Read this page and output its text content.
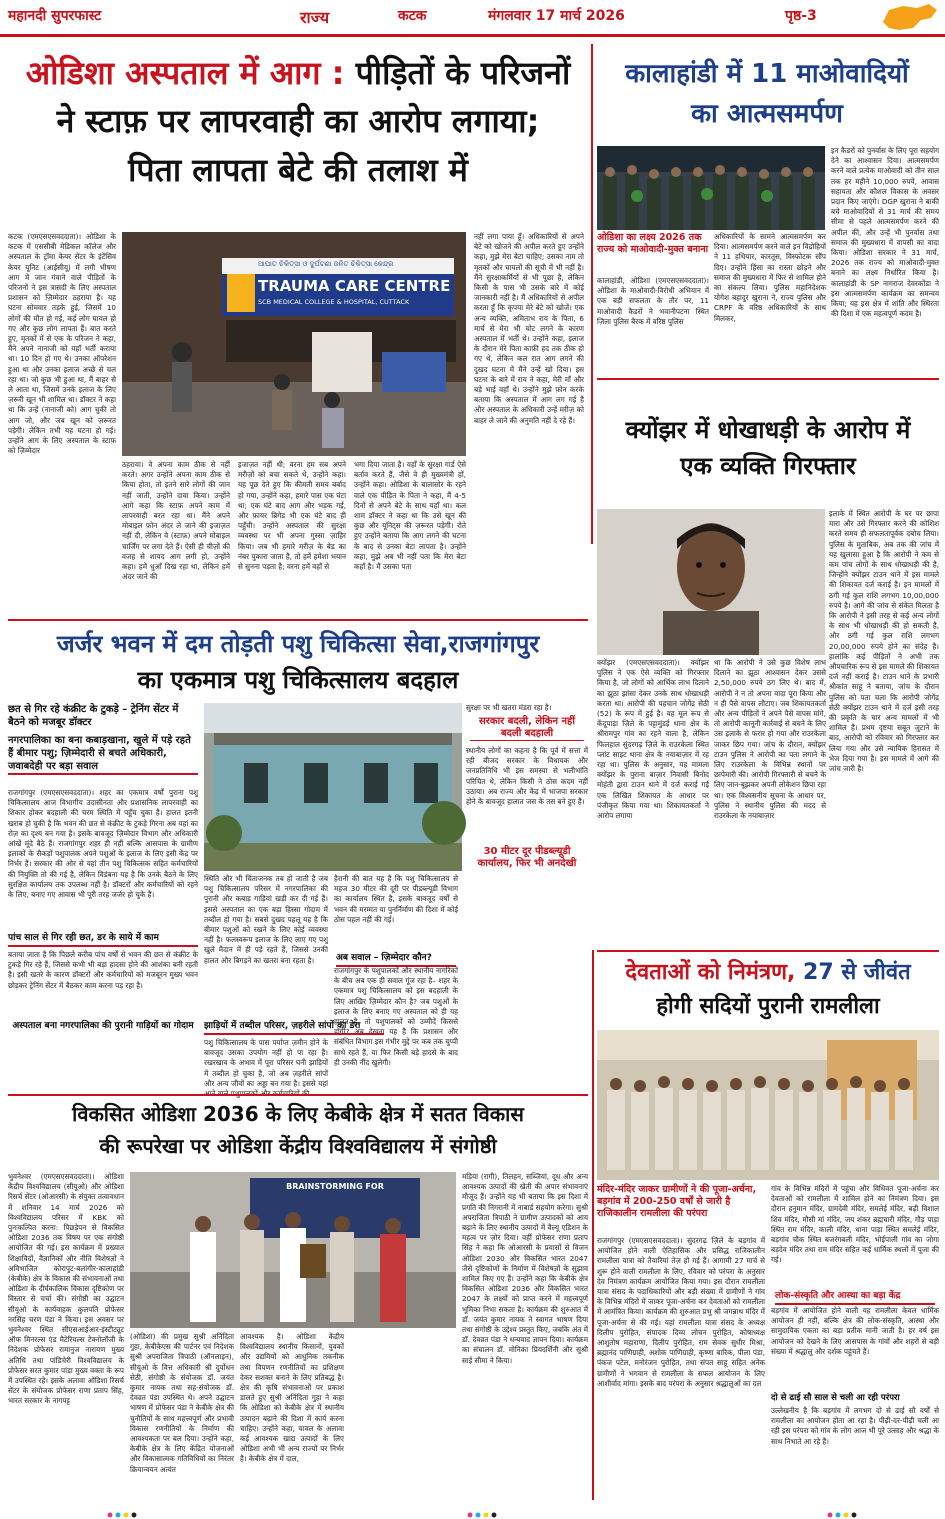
महानदी सुपरफास्ट	राज्य	कटक	मंगलवार 17 मार्च 2026	पृष्ठ-3
ओडिशा अस्पताल में आग : पीड़ितों के परिजनों
ने स्टाफ़ पर लापरवाही का आरोप लगाया;
पिता लापता बेटे की तलाश में
कटक (एमएसएसवददाता)। ओडिशा के कटक में एससीबी मेडिकल कॉलेज और अस्पताल के ट्रॉमा केयर सेंटर के इंटेंसिव केयर यूनिट (आईसीयू) में लगी भीषण आग में जान गंवाने वाले पीड़ितों के परिजनों ने इस त्रासदी के लिए अस्पताल प्रशासन को ज़िम्मेदार ठहराया है। यह घटना सोमवार तड़के हुई, जिसमें 10 लोगों की मौत हो गई, कई लोग घायल हो गए और कुछ लोग लापता हैं। बात करते हुए, मृतकों में से एक के परिजन ने कहा, मैंने अपने नानाजी को यहाँ भर्ती कराया था। 10 दिन हो गए थे। उनका ऑपरेशन हुआ था और उनका इलाज अच्छे से चल रहा था। जो कुछ भी हुआ था, मैं बाहर से ले आता था, जिसमें उनके इलाज के लिए ज़रूरी खून भी शामिल था। डॉक्टर ने कहा था कि उन्हें (नानाजी को) आग चुकी तो आग जो, और जब खून को ज़रूरत पड़ेगी। लेकिन तभी यह घटना हो गई। उन्होंने आग के लिए अस्पताल के स्टाफ़ को ज़िम्मेदार
ଆଘାତ ଚିକିତ୍ସା ଓ ଦୁର୍ଘଟଣା ଜନିତ ଚିକିତ୍ସା କେନ୍ଦ୍ର
TRAUMA CARE CENTRE
SCB MEDICAL COLLEGE & HOSPITAL, CUTTACK
ठहराया। वे अपना काम ठीक से नहीं करते। अगर उन्होंने अपना काम ठीक से किया होता, तो इतने सारे लोगों की जान नहीं जाती, उन्होंने दावा किया। उन्होंने आगे कहा कि स्टाफ़ अपने काम में लापरवाही बरत रहा था। मैंने अपने मोबाइल फ़ोन अंदर ले जाने की इजाज़त नहीं दी, लेकिन वे (स्टाफ़) अपने मोबाइल चार्जिंग पर लगा देते हैं। ऐसी ही चीज़ों की वजह से शायद आग लगी हो, उन्होंने कहा। हमें धुआँ दिख रहा था, लेकिन हमें अंदर जाने की
इजाज़त नहीं थी; वरना हम सब अपने मरीज़ों को बचा सकते थे, उन्होंने कहा। यह पूछ देते हुए कि कीमती समय बर्बाद हो गया, उन्होंने कहा, हमारे पास एक घंटा था; एक घंटे बाद आग और भड़क गई, और फ़ायर ब्रिगेड भी एक घंटे बाद ही पहुँची। उन्होंने अस्पताल की सुरक्षा व्यवस्था पर भी अपना गुस्सा ज़ाहिर किया। जब भी हमारे मरीज़ के बेड का नंबर पुकारा जाता है, तो हमें हमेशा भयान से सुनना पड़ता है; वरना हमें वहाँ से
भगा दिया जाता है। यहाँ के सुरक्षा गार्ड ऐसे बर्ताव करते हैं, जैसे वे ही मुख्यमंत्री हों, उन्होंने कहा। ओडिशा के बालासोर के रहने वाले एक पीड़ित के पिता ने कहा, मैं 4-5 दिनों से अपने बेटे के साथ यहाँ था। कल शाम डॉक्टर ने कहा था कि उसे खून की कुछ और यूनिट्स की ज़रूरत पड़ेगी। रोते हुए उन्होंने बताया कि आग लगने की घटना के बाद से उनका बेटा लापता है। उन्होंने कहा, मुझे अब भी नहीं पता कि मेरा बेटा कहाँ है। मैं उसका पता
नहीं लगा पाया हूँ। अधिकारियों से अपने बेटे को खोजने की अपील करते हुए उन्होंने कहा, मुझे मेरा बेटा चाहिए; उसका नाम तो मृतकों और घायलों की सूची में भी नहीं है। मैंने सुरक्षाकर्मियों से भी पूछा है, लेकिन किसी के पास भी उसके बारे में कोई जानकारी नहीं है। मैं अधिकारियों से अपील करता हूँ कि कृपया मेरे बेटे को खोजें। एक अन्य व्यक्ति, अमिताभ राय के पिता, 6 मार्च से मेरा भी चोट लगने के कारण अस्पताल में भर्ती थे। उन्होंने कहा, इलाज के दौरान मेरे पिता काफ़ी हद तक ठीक हो गए थे, लेकिन कल रात आग लगने की दुखद घटना में मैंने उन्हें खो दिया। इस घटना के बारे में राय ने कहा, मेरी माँ और बड़े भाई वहाँ थे। उन्होंने मुझे फ़ोन करके बताया कि अस्पताल में आग लग गई है और अस्पताल के अधिकारी उन्हें मरीज़ को बाहर ले जाने की अनुमति नहीं दे रहे हैं।
कालाहांडी में 11 माओवादियों
का आत्मसमर्पण
ओडिशा का लक्ष्य 2026 तक राज्य को माओवादी-मुक्त बनाना
कालाहांडी, ओडिशा (एमएसएसवददाता)। ओडिशा के माओवादी-विरोधी अभियान में एक बड़ी सफलता के तौर पर, 11 माओवादी कैडरों ने भवानीपटना स्थित ज़िला पुलिस बैरक में वरिष्ठ पुलिस
अधिकारियों के सामने आत्मसमर्पण कर दिया। आत्मसमर्पण करने वाले इन विद्रोहियों ने 11 हथियार, कारतूस, विस्फोटक सौंप दिए। उन्होंने हिंसा का रास्ता छोड़ने और समाज की मुख्यधारा में फिर से शामिल होने का संकल्प लिया। पुलिस महानिदेशक योगेश बहादुर खुराना ने, राज्य पुलिस और CRPF के वरिष्ठ अधिकारियों के साथ मिलकर,
इन कैडरों को पुनर्वास के लिए पूरा सहयोग देने का आश्वासन दिया। आत्मसमर्पण करने वाले प्रत्येक माओवादी को तीन साल तक हर महीने 10,000 रुपये, आवास सहायता और कौशल विकास के अवसर प्रदान किए जाएंगे। DGP खुराना ने बाकी बचे माओवादियों से 31 मार्च की समय सीमा से पहले आत्मसमर्पण करने की अपील की, और उन्हें भी पुनर्वास तथा समाज की मुख्यधारा में वापसी का वादा किया। ओडिशा सरकार ने 31 मार्च, 2026 तक राज्य को माओवादी-मुक्त बनाने का लक्ष्य निर्धारित किया है। कालाहांडी के SP नागराज देवरकोंडा ने इस आत्मसमर्पण कार्यक्रम का समन्वय किया; यह इस क्षेत्र में शांति और स्थिरता की दिशा में एक महत्वपूर्ण कदम है।
क्योंझर में धोखाधड़ी के आरोप में
एक व्यक्ति गिरफ्तार
इलाके में स्थित आरोपी के घर पर छापा मारा और उसे गिरफ्तार करने की कोशिश करते समय ही सफलतापूर्वक दबोच लिया। पुलिस के मुताबिक, अब तक की जांच में यह खुलासा हुआ है कि आरोपी ने कम से कम पांच लोगों के साथ धोखाधड़ी की है, जिन्होंने क्योंझर टाउन थाने में इस मामले की शिकायत दर्ज कराई है। इन मामलों में ठगी गई कुल राशि लगभग 10,00,000 रुपये है। आगे की जांच से संकेत मिलता है कि आरोपी ने इसी तरह से कई अन्य लोगों के साथ भी धोखाधड़ी की हो सकती है, और ठगी गई कुल राशि लगभग 20,00,000 रुपये होने का संदेह है। हालांकि कई पीड़ितों ने अभी तक औपचारिक रूप से इस मामले की शिकायत दर्ज नहीं कराई है। टाउन थाने के प्रभारी श्रीकांत साहू ने बताया, जांच के दौरान पुलिस को पता चला कि आरोपी जोगेंद्र सेठी क्योंझर टाउन थाने में दर्ज इसी तरह की प्रकृति के चार अन्य मामलों में भी शामिल है। प्रथम दृष्टया सबूत जुटाने के बाद, आरोपी को रविवार को गिरफ्तार कर लिया गया और उसे न्यायिक हिरासत में भेज दिया गया है। इस मामले में आगे की जांच जारी है।
क्योंझर (एमएसएसवददाता)। क्योंझर पुलिस ने एक ऐसे व्यक्ति को गिरफ्तार किया है, जो लोगों को आर्थिक लाभ दिलाने का झूठा झांसा देकर उनके साथ धोखाधड़ी करता था। आरोपी की पहचान जोगेंद्र सेठी (52) के रूप में हुई है। वह मूल रूप से केंदूपाड़ा ज़िले के पट्टामुंडई थाना क्षेत्र के श्रीरामपुर गांव का रहने वाला है, लेकिन फिलहाल सुंदरगढ़ ज़िले के राउरकेला स्थित प्लांट साइट थाना क्षेत्र के नयाबाज़ार में रह रहा था। पुलिस के अनुसार, यह मामला क्योंझर के पुराना बाज़ार निवासी बिनोद मोहंती द्वारा टाउन थाने में दर्ज कराई गई एक लिखित शिकायत के आधार पर पंजीकृत किया गया था। शिकायतकर्ता ने आरोप लगाया
था कि आरोपी ने उसे कुछ विशेष लाभ दिलाने का झूठा आश्वासन देकर उससे 2,50,000 रुपये ठग लिए थे। बाद में, आरोपी ने न तो अपना वादा पूरा किया और न ही पैसे वापस लौटाए। जब शिकायतकर्ता और अन्य पीड़ितों ने अपने पैसे वापस मांगे, तो आरोपी कानूनी कार्रवाई से बचने के लिए उस इलाके से फरार हो गया और राउरकेला जाकर छिप गया। जांच के दौरान, क्योंझर टाउन पुलिस ने आरोपी का पता लगाने के लिए राउरकेला के विभिन्न स्थानों पर छापेमारी की। आरोपी गिरफ्तारी से बचने के लिए जान-बूझकर अपनी लोकेशन छिपा रहा था। एक विश्वसनीय सूचना के आधार पर, पुलिस ने स्थानीय पुलिस की मदद से राउरकेला के नयाबाज़ार
जर्जर भवन में दम तोड़ती पशु चिकित्सा सेवा,राजगांगपुर
का एकमात्र पशु चिकित्सालय बदहाल
छत से गिर रहे कंक्रीट के टुकड़े – ट्रेनिंग सेंटर में बैठने को मजबूर डॉक्टर
नगरपालिका का बना कबाड़खाना, खुले में पड़े रहते हैं बीमार पशु; ज़िम्मेदारी से बचते अधिकारी, जवाबदेही पर बड़ा सवाल
राजगांगपुर (एमएसएसवददाता)। शहर का एकमात्र वर्षों पुराना पशु चिकित्सालय आज विभागीय उदासीनता और प्रशासनिक लापरवाही का शिकार होकर बदहाली की चरम स्थिति में पहुँच चुका है। हालत इतनी खराब हो चुकी है कि भवन की छत से कंक्रीट के टुकड़े गिरना अब यहां का रोज़ का दृश्य बन गया है। इसके बावजूद ज़िम्मेदार विभाग और अधिकारी आंखें मूंदे बैठे हैं। राजगांगपुर शहर ही नहीं बल्कि आसपास के ग्रामीण इलाकों के सैकड़ों पशुपालक अपने पशुओं के इलाज के लिए इसी केंद्र पर निर्भर हैं। सरकार की ओर से यहां तीन पशु चिकित्सक सहित कर्मचारियों की नियुक्ति तो की गई है, लेकिन विडंबना यह है कि उनके बैठने के लिए सुरक्षित कार्यालय तक उपलब्ध नहीं है। डॉक्टरों और कर्मचारियों को रहने के लिए, बनाए गए आवास भी पूरी तरह जर्जर हो चुके हैं।
पांच साल से गिर रही छत, डर के साये में काम
बताया जाता है कि पिछले करीब पांच वर्षों से भवन की छत से कंक्रीट के टुकड़े गिर रहे हैं, जिससे कभी भी बड़ा हादसा होने की आशंका बनी रहती है। इसी खतरे के कारण डॉक्टरों और कर्मचारियों को मजबूरन मुख्य भवन छोड़कर ट्रेनिंग सेंटर में बैठकर काम करना पड़ रहा है।
अस्पताल बना नगरपालिका की पुरानी गाड़ियों का गोदाम
स्थिति और भी चिंताजनक तब हो जाती है जब पशु चिकित्सालय परिसर में नगरपालिका की पुरानी और कबाड़ गाड़ियां खड़ी कर दी गई हैं। इससे अस्पताल का एक बड़ा हिस्सा गोदाम में तब्दील हो गया है। सबसे दुखद पहलू यह है कि बीमार पशुओं को रखने के लिए कोई व्यवस्था नहीं है। फलस्वरूप इलाज के लिए लाए गए पशु खुले मैदान में ही पड़े रहते हैं, जिससे उनकी हालत और बिगड़ने का खतरा बना रहता है।
हैरानी की बात यह है कि पशु चिकित्सालय से महज 30 मीटर की दूरी पर पीडब्ल्यूडी विभाग का कार्यालय स्थित है, इसके बावजूद वर्षों से भवन की मरम्मत या पुनर्निर्माण की दिशा में कोई ठोस पहल नहीं की गई।
अब सवाल – ज़िम्मेदार कौन?
राजगांगपुर के पशुपालकों और स्थानीय नागरिकों के बीच अब एक ही सवाल गूंज रहा है– शहर के एकमात्र पशु चिकित्सालय को इस बदहाली के लिए आखिर ज़िम्मेदार कौन है? जब पशुओं के इलाज के लिए बनाए गए अस्पताल को ही यह हालत है, तो पशुपालकों को उम्मीदें किससे होंगी? अब देखना यह है कि प्रशासन और संबंधित विभाग इस गंभीर मुद्दे पर कब तक चुप्पी साधे रहते हैं, या फिर किसी बड़े हादसे के बाद ही उनकी नींद खुलेगी।
झाड़ियों में तब्दील परिसर, ज़हरीले सांपों का डेरा
पशु चिकित्सालय के पास पर्याप्त ज़मीन होने के बावजूद उसका उपयोग नहीं हो पा रहा है। रखरखाव के अभाव में पूरा परिसर घनी झाड़ियों में तब्दील हो चुका है, जो अब ज़हरीले सांपों और अन्य जीवों का अड्डा बन गया है। इससे यहां
सुरक्षा पर भी खतरा मंडरा रहा है।
सरकार बदली, लेकिन नहीं बदली बदहाली
स्थानीय लोगों का कहना है कि पूर्व में सत्ता में रही बीजद सरकार के विधायक और जनप्रतिनिधि भी इस समस्या से भलीभांति परिचित थे, लेकिन किसी ने ठोस कदम नहीं उठाया। अब राज्य और केंद्र में भाजपा सरकार होने के बावजूद हालात जस के तस बने हुए हैं।
30 मीटर दूर पीडब्ल्यूडी कार्यालय, फिर भी अनदेखी
देवताओं को निमंत्रण, 27 से जीवंत
होगी सदियों पुरानी रामलीला
मंदिर-मंदिर जाकर ग्रामीणों ने की पूजा-अर्चना, बड़गांव में 200-250 वर्षों से जारी है राजिकालीन रामलीला की परंपरा
राजगांगपुर (एमएसएसवददाता)। सुंदरगढ़ ज़िले के बड़गांव में आयोजित होने वाली ऐतिहासिक और प्रसिद्ध राजिकालीन रामलीला यात्रा को तैयारियां तेज़ हो गई हैं। आगामी 27 मार्च से शुरू होने वाली रामलीला के लिए, रविवार को परंपरा के अनुसार देव निमंत्रण कार्यक्रम आयोजित किया गया। इस दौरान रामलीला यात्रा संसद के पदाधिकारियों और बड़ी संख्या में ग्रामीणों ने गांव के विभिन्न मंदिरों में जाकर पूजा-अर्चना कर देवताओं को रामलीला में आमंत्रित किया। कार्यक्रम की शुरुआत प्रभु श्री जगन्नाथ मंदिर में पूजा-अर्चना से की गई। यहां रामलीला यात्रा संसद के अध्यक्ष दिलीप पुरोहित, संपादक दिव्य लोचन पुरोहित, कोषाध्यक्ष आशुतोष महाराणा, दिलीप पुरोहित, राम सेवक सुधीर मिश्रा, ब्रह्मानंद पाणिग्राही, अशोक पाणिग्राही, कृष्णा बारिक, पीला पंडा, पंकज पटेल, मनोरंजन पुरोहित, तथा संपत साहू सहित अनेक ग्रामीणों ने भगवान से रामलीला के सफल आयोजन के लिए आशीर्वाद मांगा। इसके बाद परंपरा के अनुसार श्रद्धालुओं का दल
गांव के विभिन्न मंदिरों में पहुंचा और विधिवत पूजा-अर्चना कर देवताओं को रामलीला में शामिल होने का निमंत्रण दिया। इस दौरान हनुमान मंदिर, ग्रामदेवी मंदिर, समलेई मंदिर, बढ़ी विशाल शिव मंदिर, मौसी मां मंदिर, जय शंकर ब्रह्मचारी मंदिर, गौड़ पाड़ा स्थित राम मंदिर, काली मंदिर, धाना पाड़ा स्थित समलेई मंदिर, बड़गांव चौक स्थित बजरंगबली मंदिर, भोईपाली गांव का जोगा बड़देव मंदिर तथा राम मंदिर सहित कई धार्मिक स्थलों में पूजा की गई।
लोक-संस्कृति और आस्था का बड़ा केंद्र
बड़गांव में आयोजित होने वाली यह रामलीला केवल धार्मिक आयोजन ही नहीं, बल्कि क्षेत्र की लोक-संस्कृति, आस्था और सामुदायिक एकता का बड़ा प्रतीक मानी जाती है। हर वर्ष इस आयोजन को देखने के लिए आसपास के गांवों और शहरों से बड़ी संख्या में श्रद्धालु और दर्शक पहुंचते हैं।
दो से ढाई सौ साल से चली आ रही परंपरा
उल्लेखनीय है कि बड़गांव में लगभग दो से ढाई सौ वर्षों से रामलीला का आयोजन होता आ रहा है। पीढ़ी-दर-पीढ़ी चली आ रही इस परंपरा को गांव के लोग आज भी पूरे उत्साह और श्रद्धा के साथ निभाते आ रहे हैं।
विकसित ओडिशा 2036 के लिए केबीके क्षेत्र में सतत विकास
की रूपरेखा पर ओडिशा केंद्रीय विश्वविद्यालय में संगोष्ठी
भुवनेश्वर (एमएसएसवददाता)। ओडिशा केंद्रीय विश्वविद्यालय (सीयूओ) और ओडिशा रिसर्च सेंटर (ओआरसी) के संयुक्त तत्वावधान में शनिवार 14 मार्च 2026 को विश्वविद्यालय परिसर में KBK को पुनःकल्पित करना: पिछड़ेपन से विकसित ओडिशा 2036 तक विषय पर एक संगोष्ठी आयोजित की गई। इस कार्यक्रम में प्रख्यात शिक्षाविदों, वैज्ञानिकों और नीति विशेषज्ञों ने अविभाजित कोरापुट-बलांगीर-कालाहांडी (केबीके) क्षेत्र के विकास की संभावनाओं तथा ओडिशा के दीर्घकालिक विकास दृष्टिकोण पर विस्तार से चर्चा की। संगोष्ठी का उद्घाटन सीयूओ के कार्यवाहक कुलपति प्रोफेसर नरसिंह चरण पंडा ने किया। इस अवसर पर भुवनेश्वर स्थित सीएसआईआर-इंस्टीट्यूट ऑफ मिनरल्स एंड मैटेरियल्स टेक्नोलॉजी के निदेशक प्रोफेसर रामानुज नारायण मुख्य अतिथि तथा पांडिचेरी विश्वविद्यालय के प्रोफेसर सरत कुमार पांडा मुख्य वक्ता के रूप में उपस्थित रहे। इसके अलावा ओडिशा रिसर्च सेंटर के संयोजक प्रोफेसर राणा प्रताप सिंह, भारत सरकार के नागपट्ट
BRAINSTORMING FOR
(ओडिशा) की प्रमुख सुश्री अनिंदिता गुहा, केबीकेएस की पार्टनर एवं निदेशक सुश्री अपराजिता त्रिपाठी (ऑनलाइन), सीयूओ के वित्त अधिकारी श्री दुर्योधन सेठी, संगोष्ठी के संयोजक डॉ. जयंत कुमार नायक तथा सह-संयोजक डॉ. देवव्रत पंडा उपस्थित थे। अपने उद्घाटन भाषण में प्रोफेसर पंडा ने केबीके क्षेत्र की चुनौतियों के साथ महत्त्वपूर्ण और प्रभावी विकास रणनीतियों के निर्माण की आवश्यकता पर बल दिया। उन्होंने कहा, केबीके क्षेत्र के लिए केंद्रित योजनाओं और विकासात्मक गतिविधियों का निरंतर क्रियान्वयन अत्यंत
आवश्यक है। ओडिशा केंद्रीय विश्वविद्यालय स्थानीय किसानों, युवकों और उद्यमियों को आधुनिक तकनीक तथा विपणन रणनीतियों का प्रशिक्षण देकर सशक्त बनाने के लिए प्रतिबद्ध है। क्षेत्र की कृषि संभावनाओं पर प्रकाश डालते हुए सुश्री अनिंदिता गुहा ने कहा कि ओडिशा को केबीके क्षेत्र में स्थानीय उत्पादन बढ़ाने की दिशा में कार्य करना चाहिए। उन्होंने कहा, चावल के अलावा कई आवश्यक खाद्य उत्पादों के लिए ओडिशा अभी भी अन्य राज्यों पर निर्भर है। केबीके क्षेत्र में दाल,
मड़िया (रागी), तिलहन, सब्जियां, दूध और अन्य आवश्यक उत्पादों की खेती की अपार संभावनाएं मौजूद हैं। उन्होंने यह भी बताया कि इस दिशा में प्रगति की निगरानी में नाबार्ड सहयोग करेगा। सुश्री अपराजिता त्रिपाठी ने ग्रामीण उत्पादकों को आय बढ़ाने के लिए स्थानीय उत्पादों में वैल्यू एडिशन के महत्व पर ज़ोर दिया। वहीं प्रोफेसर राणा प्रताप सिंह ने कहा कि ओआरसी के प्रयासों से विजन ओडिशा 2030 और विकसित भारत 2047 जैसे दृष्टिकोणों के निर्माण में विशेषज्ञों के सुझाव शामिल किए गए हैं। उन्होंने कहा कि केबीके क्षेत्र विकसित ओडिशा 2036 और विकसित भारत 2047 के लक्ष्यों को प्राप्त करने में महत्त्वपूर्ण भूमिका निभा सकता है। कार्यक्रम की शुरुआत में डॉ. जयंत कुमार नायक ने स्वागत भाषण दिया तथा संगोष्ठी के उद्देश्य प्रस्तुत किए, जबकि अंत में डॉ. देवव्रत पंडा ने धन्यवाद ज्ञापन दिया। कार्यक्रम का संचालन डॉ. मोनिका प्रियदर्शिनी और सुश्री साई सीमा ने किया।
